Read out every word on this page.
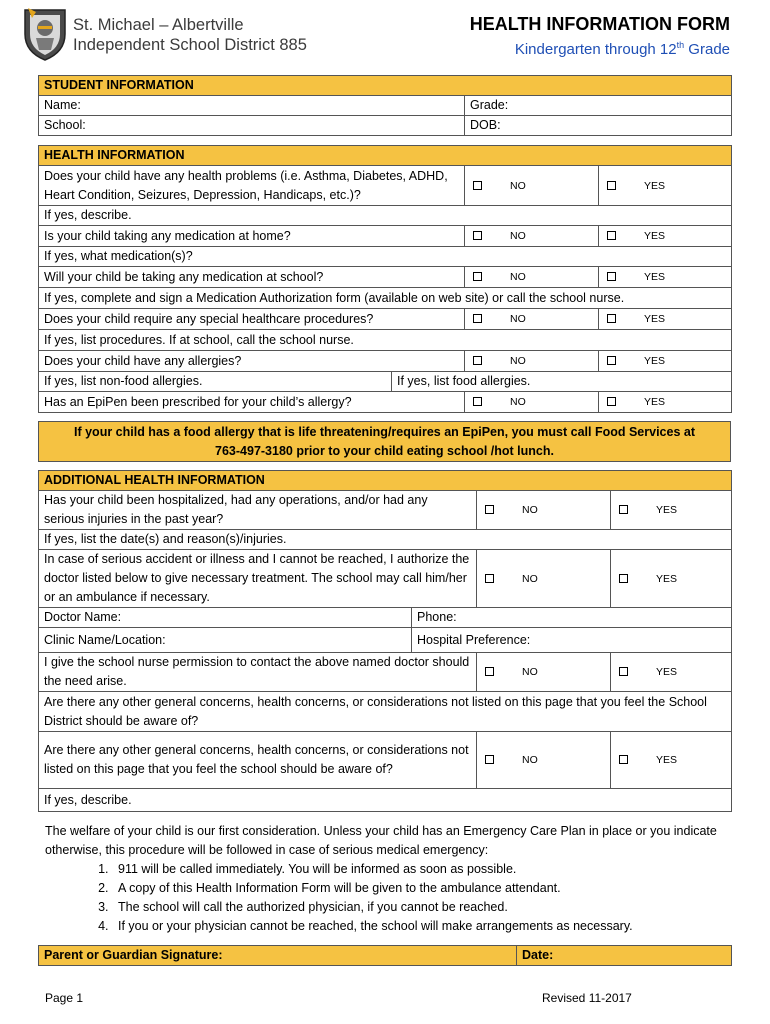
St. Michael – Albertville
Independent School District 885
HEALTH INFORMATION FORM
Kindergarten through 12th Grade
STUDENT INFORMATION	
Name:	Grade:
School:	DOB:
HEALTH INFORMATION			
Does your child have any health problems (i.e. Asthma, Diabetes, ADHD, Heart Condition, Seizures, Depression, Handicaps, etc.)?		NO	YES
If yes, describe.			
Is your child taking any medication at home?		NO	YES
If yes, what medication(s)?			
Will your child be taking any medication at school?		NO	YES
If yes, complete and sign a Medication Authorization form (available on web site) or call the school nurse.			
Does your child require any special healthcare procedures?		NO	YES
If yes, list procedures. If at school, call the school nurse.			
Does your child have any allergies?		NO	YES
If yes, list non-food allergies.	If yes, list food allergies.		
Has an EpiPen been prescribed for your child’s allergy?		NO	YES
If your child has a food allergy that is life threatening/requires an EpiPen, you must call Food Services at
763-497-3180 prior to your child eating school /hot lunch.
ADDITIONAL HEALTH INFORMATION			
Has your child been hospitalized, had any operations, and/or had any serious injuries in the past year?		NO	YES
If yes, list the date(s) and reason(s)/injuries.			
In case of serious accident or illness and I cannot be reached, I authorize the doctor listed below to give necessary treatment. The school may call him/her or an ambulance if necessary.		NO	YES
Doctor Name:	Phone:		
Clinic Name/Location:	Hospital Preference:		
I give the school nurse permission to contact the above named doctor should the need arise.		NO	YES
Are there any other general concerns, health concerns, or considerations not listed on this page that you feel the School District should be aware of?			
Are there any other general concerns, health concerns, or considerations not listed on this page that you feel the school should be aware of?		NO	YES
If yes, describe.			

The welfare of your child is our first consideration. Unless your child has an Emergency Care Plan in place or you indicate otherwise, this procedure will be followed in case of serious medical emergency:

1. 911 will be called immediately. You will be informed as soon as possible.
2. A copy of this Health Information Form will be given to the ambulance attendant.
3. The school will call the authorized physician, if you cannot be reached.
4. If you or your physician cannot be reached, the school will make arrangements as necessary.
Parent or Guardian Signature:	Date:
Page 1	Revised 11-2017
